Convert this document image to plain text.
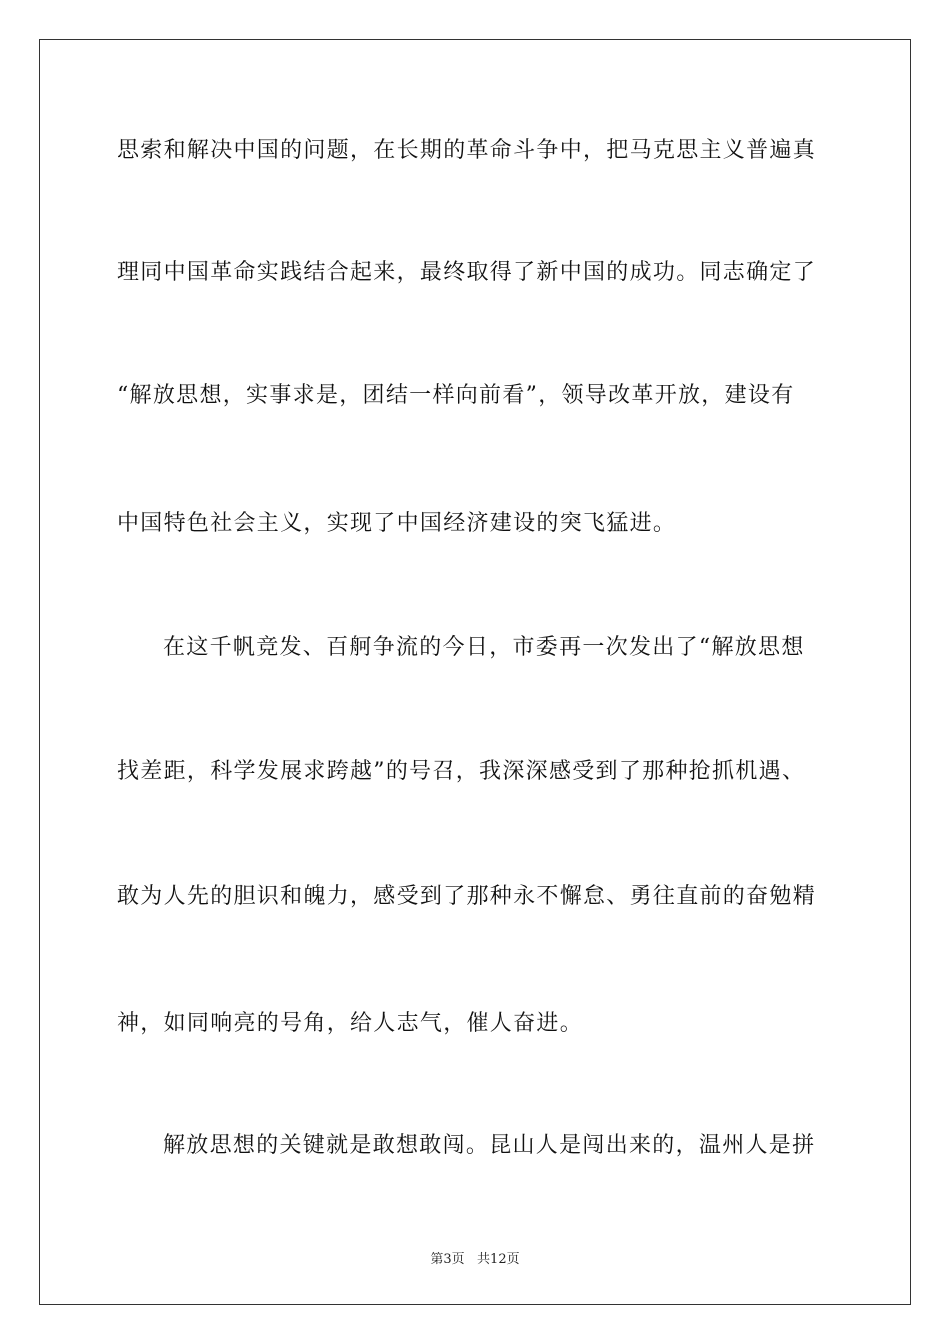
思索和解决中国的问题，在长期的革命斗争中，把马克思主义普遍真

理同中国革命实践结合起来，最终取得了新中国的成功。同志确定了

“解放思想，实事求是，团结一样向前看”，领导改革开放，建设有

中国特色社会主义，实现了中国经济建设的突飞猛进。

在这千帆竞发、百舸争流的今日，市委再一次发出了“解放思想

找差距，科学发展求跨越”的号召，我深深感受到了那种抢抓机遇、

敢为人先的胆识和魄力，感受到了那种永不懈怠、勇往直前的奋勉精

神，如同响亮的号角，给人志气，催人奋进。

解放思想的关键就是敢想敢闯。昆山人是闯出来的，温州人是拼

第3页   共12页
